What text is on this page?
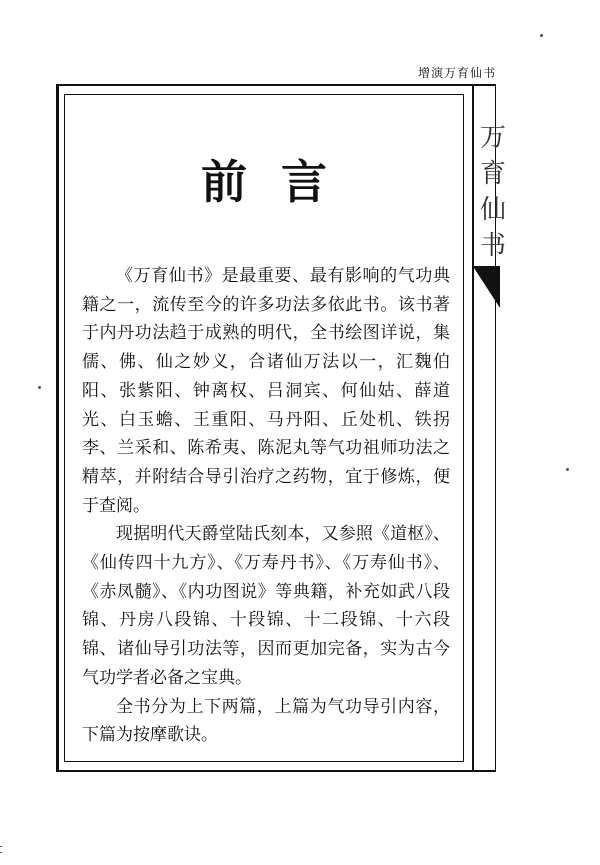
增演万育仙书
万育仙书
前言

《万育仙书》是最重要、最有影响的气功典籍之一，流传至今的许多功法多依此书。该书著于内丹功法趋于成熟的明代，全书绘图详说，集儒、佛、仙之妙义，合诸仙万法以一，汇魏伯阳、张紫阳、钟离权、吕洞宾、何仙姑、薛道光、白玉蟾、王重阳、马丹阳、丘处机、铁拐李、兰采和、陈希夷、陈泥丸等气功祖师功法之精萃，并附结合导引治疗之药物，宜于修炼，便于查阅。

现据明代天爵堂陆氏刻本，又参照《道枢》、《仙传四十九方》、《万寿丹书》、《万寿仙书》、《赤凤髓》、《内功图说》等典籍，补充如武八段锦、丹房八段锦、十段锦、十二段锦、十六段锦、诸仙导引功法等，因而更加完备，实为古今气功学者必备之宝典。

全书分为上下两篇，上篇为气功导引内容，下篇为按摩歌诀。
